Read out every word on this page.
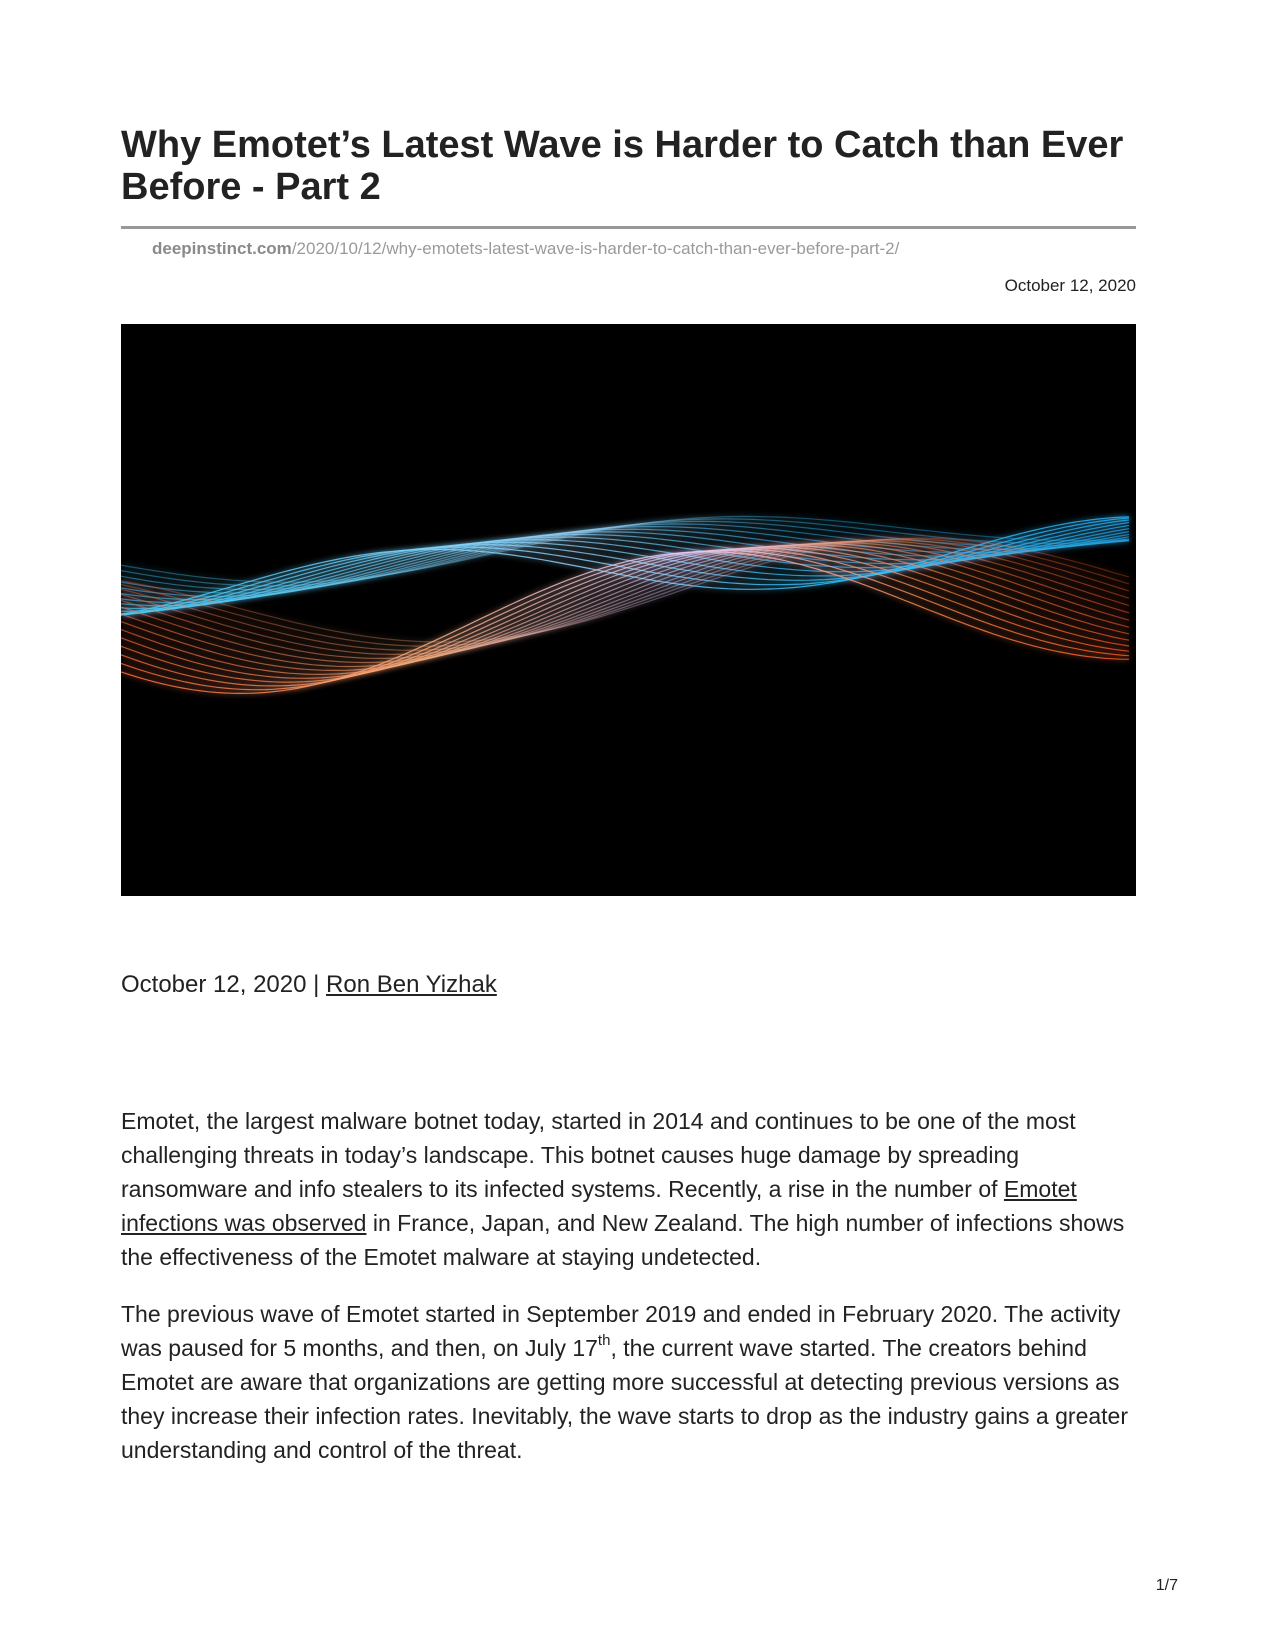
Why Emotet’s Latest Wave is Harder to Catch than Ever Before - Part 2
deepinstinct.com/2020/10/12/why-emotets-latest-wave-is-harder-to-catch-than-ever-before-part-2/
October 12, 2020
October 12, 2020 | Ron Ben Yizhak

Emotet, the largest malware botnet today, started in 2014 and continues to be one of the most challenging threats in today’s landscape. This botnet causes huge damage by spreading ransomware and info stealers to its infected systems. Recently, a rise in the number of Emotet infections was observed in France, Japan, and New Zealand. The high number of infections shows the effectiveness of the Emotet malware at staying undetected.

The previous wave of Emotet started in September 2019 and ended in February 2020. The activity was paused for 5 months, and then, on July 17th, the current wave started. The creators behind Emotet are aware that organizations are getting more successful at detecting previous versions as they increase their infection rates. Inevitably, the wave starts to drop as the industry gains a greater understanding and control of the threat.

1/7
